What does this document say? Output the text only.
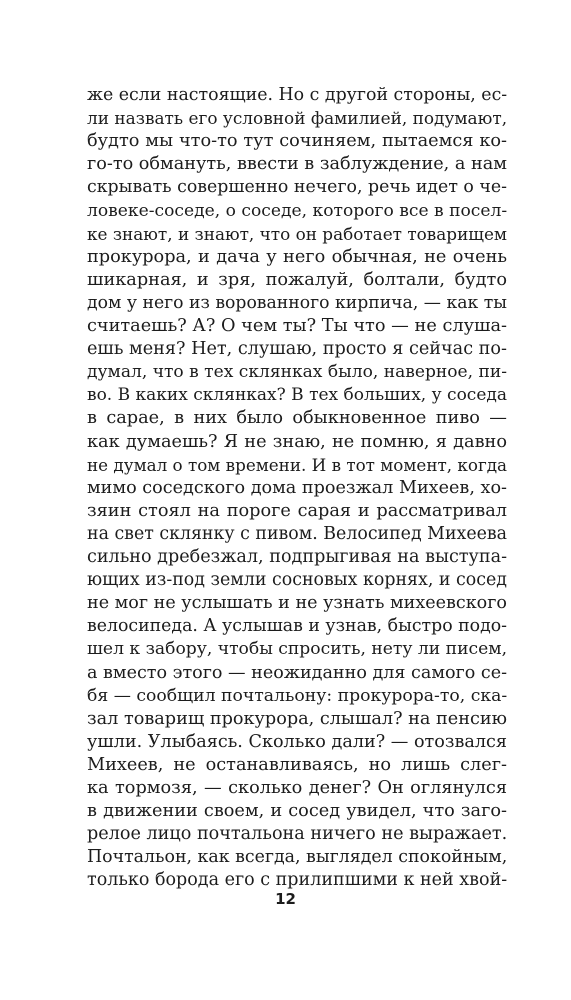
же если настоящие. Но с другой стороны, ес-
ли назвать его условной фамилией, подумают,
будто мы что-то тут сочиняем, пытаемся ко-
го-то обмануть, ввести в заблуждение, а нам
скрывать совершенно нечего, речь идет о че-
ловеке-соседе, о соседе, которого все в посел-
ке знают, и знают, что он работает товарищем
прокурора, и дача у него обычная, не очень
шикарная, и зря, пожалуй, болтали, будто
дом у него из ворованного кирпича, — как ты
считаешь? А? О чем ты? Ты что — не слуша-
ешь меня? Нет, слушаю, просто я сейчас по-
думал, что в тех склянках было, наверное, пи-
во. В каких склянках? В тех больших, у соседа
в сарае, в них было обыкновенное пиво —
как думаешь? Я не знаю, не помню, я давно
не думал о том времени. И в тот момент, когда
мимо соседского дома проезжал Михеев, хо-
зяин стоял на пороге сарая и рассматривал
на свет склянку с пивом. Велосипед Михеева
сильно дребезжал, подпрыгивая на выступа-
ющих из-под земли сосновых корнях, и сосед
не мог не услышать и не узнать михеевского
велосипеда. А услышав и узнав, быстро подо-
шел к забору, чтобы спросить, нету ли писем,
а вместо этого — неожиданно для самого се-
бя — сообщил почтальону: прокурора-то, ска-
зал товарищ прокурора, слышал? на пенсию
ушли. Улыбаясь. Сколько дали? — отозвался
Михеев, не останавливаясь, но лишь слег-
ка тормозя, — сколько денег? Он оглянулся
в движении своем, и сосед увидел, что заго-
релое лицо почтальона ничего не выражает.
Почтальон, как всегда, выглядел спокойным,
только борода его с прилипшими к ней хвой-
12
